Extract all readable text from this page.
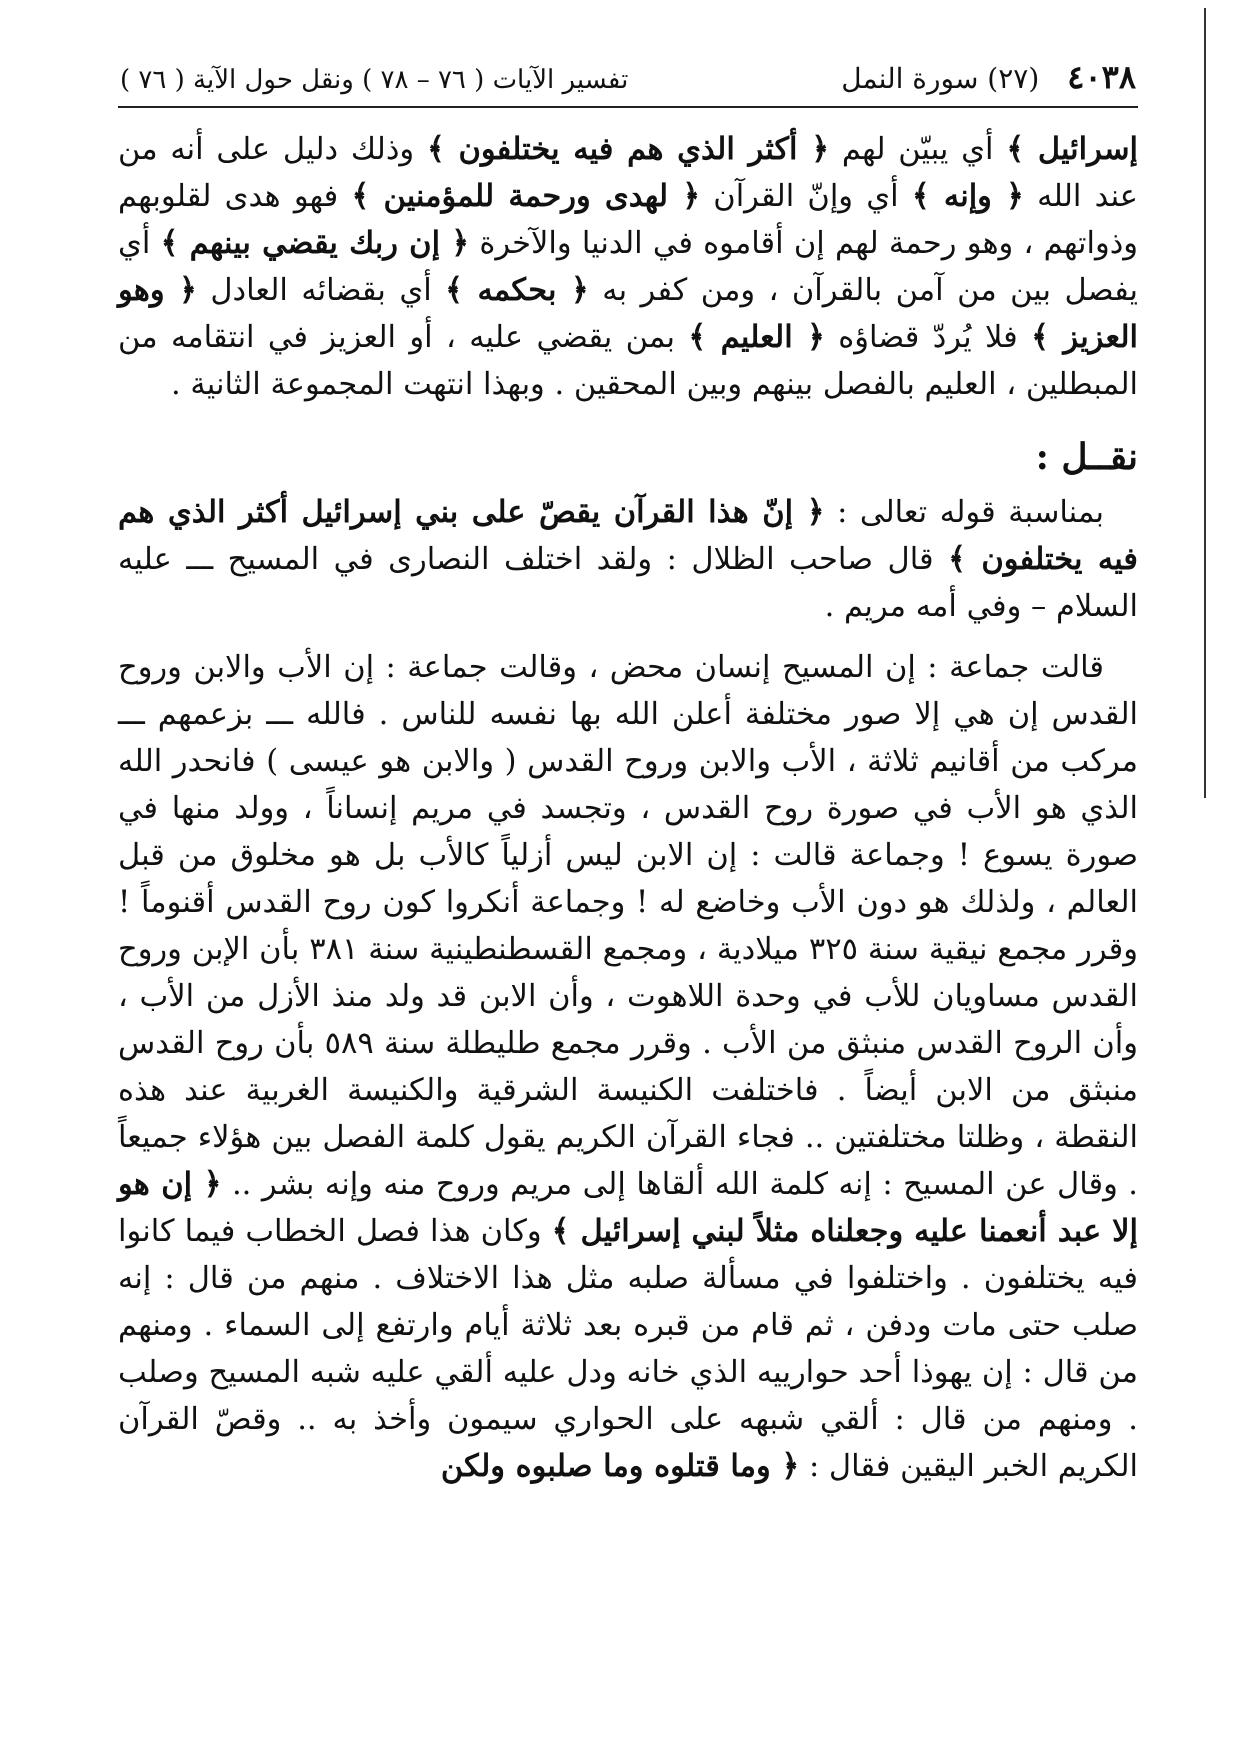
٤٠٣٨
(٢٧) سورة النمل
تفسير الآيات ( ٧٦ – ٧٨ ) ونقل حول الآية ( ٧٦ )

إسرائيل ﴾ أي يبيّن لهم ﴿ أكثر الذي هم فيه يختلفون ﴾ وذلك دليل على أنه من عند الله ﴿ وإنه ﴾ أي وإنّ القرآن ﴿ لهدى ورحمة للمؤمنين ﴾ فهو هدى لقلوبهم وذواتهم ، وهو رحمة لهم إن أقاموه في الدنيا والآخرة ﴿ إن ربك يقضي بينهم ﴾ أي يفصل بين من آمن بالقرآن ، ومن كفر به ﴿ بحكمه ﴾ أي بقضائه العادل ﴿ وهو العزيز ﴾ فلا يُردّ قضاؤه ﴿ العليم ﴾ بمن يقضي عليه ، أو العزيز في انتقامه من المبطلين ، العليم بالفصل بينهم وبين المحقين . وبهذا انتهت المجموعة الثانية .

نقــل :

بمناسبة قوله تعالى : ﴿ إنّ هذا القرآن يقصّ على بني إسرائيل أكثر الذي هم فيه يختلفون ﴾ قال صاحب الظلال : ولقد اختلف النصارى في المسيح ـــ عليه السلام – وفي أمه مريم .

قالت جماعة : إن المسيح إنسان محض ، وقالت جماعة : إن الأب والابن وروح القدس إن هي إلا صور مختلفة أعلن الله بها نفسه للناس . فالله ـــ بزعمهم ـــ مركب من أقانيم ثلاثة ، الأب والابن وروح القدس ( والابن هو عيسى ) فانحدر الله الذي هو الأب في صورة روح القدس ، وتجسد في مريم إنساناً ، وولد منها في صورة يسوع ! وجماعة قالت : إن الابن ليس أزلياً كالأب بل هو مخلوق من قبل العالم ، ولذلك هو دون الأب وخاضع له ! وجماعة أنكروا كون روح القدس أقنوماً ! وقرر مجمع نيقية سنة ٣٢٥ ميلادية ، ومجمع القسطنطينية سنة ٣٨١ بأن الإبن وروح القدس مساويان للأب في وحدة اللاهوت ، وأن الابن قد ولد منذ الأزل من الأب ، وأن الروح القدس منبثق من الأب . وقرر مجمع طليطلة سنة ٥٨٩ بأن روح القدس منبثق من الابن أيضاً . فاختلفت الكنيسة الشرقية والكنيسة الغربية عند هذه النقطة ، وظلتا مختلفتين .. فجاء القرآن الكريم يقول كلمة الفصل بين هؤلاء جميعاً . وقال عن المسيح : إنه كلمة الله ألقاها إلى مريم وروح منه وإنه بشر .. ﴿ إن هو إلا عبد أنعمنا عليه وجعلناه مثلاً لبني إسرائيل ﴾ وكان هذا فصل الخطاب فيما كانوا فيه يختلفون . واختلفوا في مسألة صلبه مثل هذا الاختلاف . منهم من قال : إنه صلب حتى مات ودفن ، ثم قام من قبره بعد ثلاثة أيام وارتفع إلى السماء . ومنهم من قال : إن يهوذا أحد حوارييه الذي خانه ودل عليه ألقي عليه شبه المسيح وصلب . ومنهم من قال : ألقي شبهه على الحواري سيمون وأخذ به .. وقصّ القرآن الكريم الخبر اليقين فقال : ﴿ وما قتلوه وما صلبوه ولكن
